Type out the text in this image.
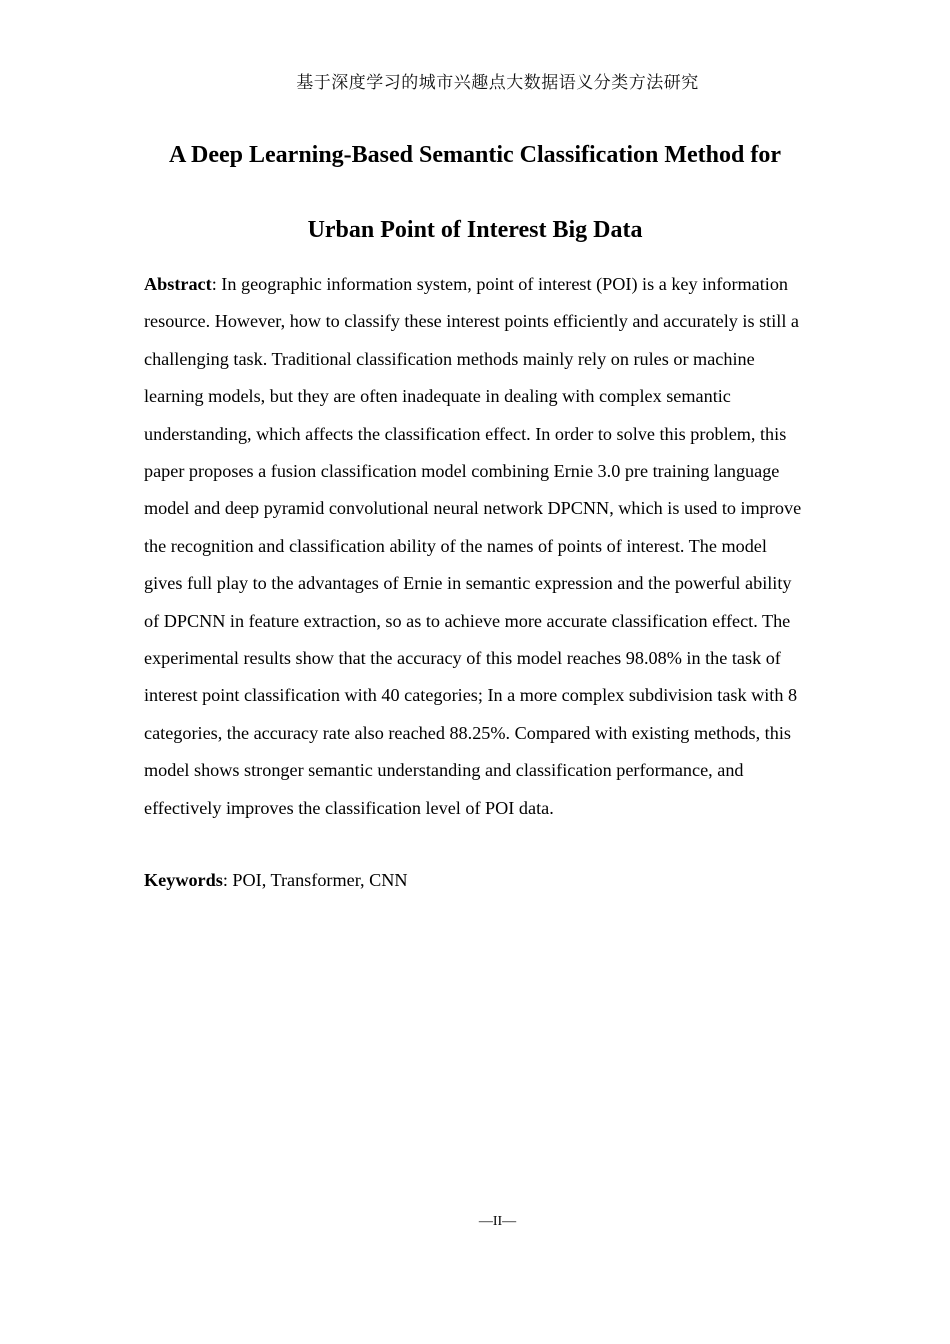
基于深度学习的城市兴趣点大数据语义分类方法研究
A Deep Learning-Based Semantic Classification Method for
Urban Point of Interest Big Data

Abstract: In geographic information system, point of interest (POI) is a key information resource. However, how to classify these interest points efficiently and accurately is still a challenging task. Traditional classification methods mainly rely on rules or machine learning models, but they are often inadequate in dealing with complex semantic understanding, which affects the classification effect. In order to solve this problem, this paper proposes a fusion classification model combining Ernie 3.0 pre training language model and deep pyramid convolutional neural network DPCNN, which is used to improve the recognition and classification ability of the names of points of interest. The model gives full play to the advantages of Ernie in semantic expression and the powerful ability of DPCNN in feature extraction, so as to achieve more accurate classification effect. The experimental results show that the accuracy of this model reaches 98.08% in the task of interest point classification with 40 categories; In a more complex subdivision task with 8 categories, the accuracy rate also reached 88.25%. Compared with existing methods, this model shows stronger semantic understanding and classification performance, and effectively improves the classification level of POI data.

Keywords: POI, Transformer, CNN

—II—
